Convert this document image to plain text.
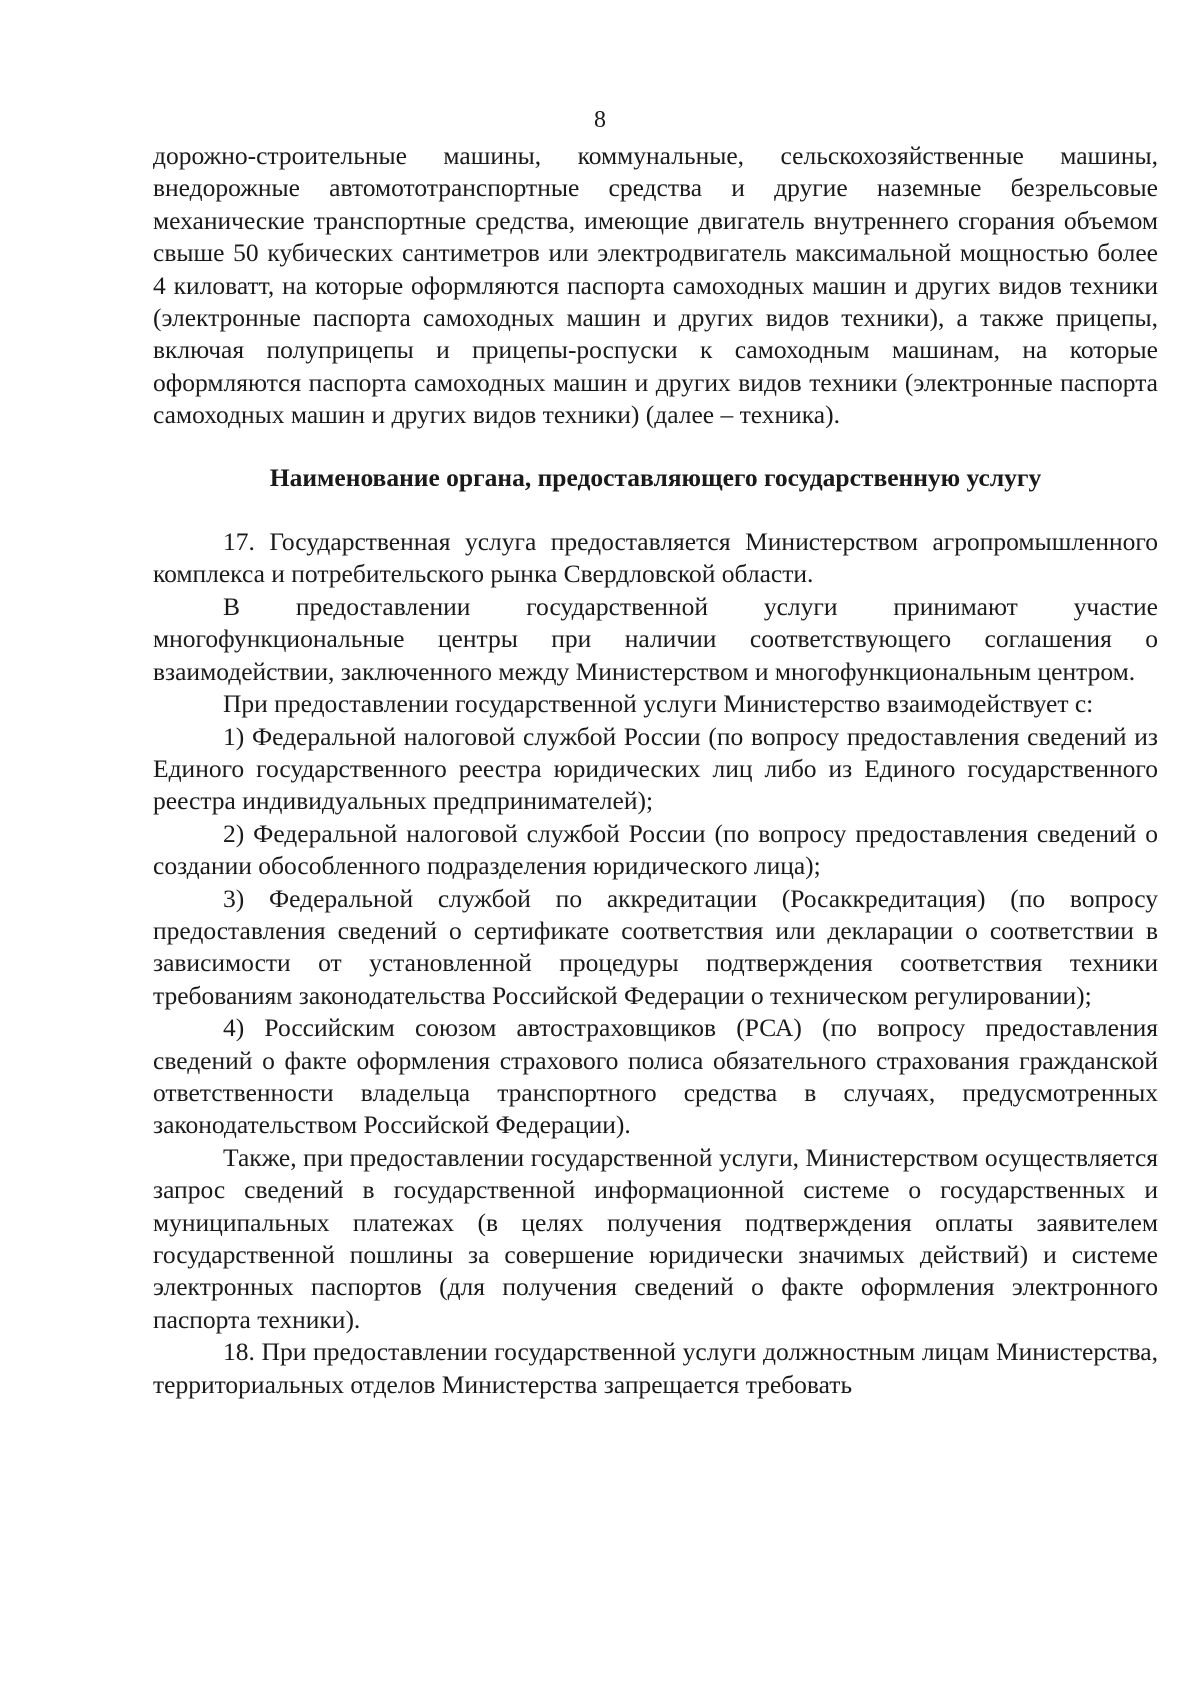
8

дорожно-строительные машины, коммунальные, сельскохозяйственные машины, внедорожные автомототранспортные средства и другие наземные безрельсовые механические транспортные средства, имеющие двигатель внутреннего сгорания объемом свыше 50 кубических сантиметров или электродвигатель максимальной мощностью более 4 киловатт, на которые оформляются паспорта самоходных машин и других видов техники (электронные паспорта самоходных машин и других видов техники), а также прицепы, включая полуприцепы и прицепы-роспуски к самоходным машинам, на которые оформляются паспорта самоходных машин и других видов техники (электронные паспорта самоходных машин и других видов техники) (далее – техника).

Наименование органа, предоставляющего государственную услугу

17. Государственная услуга предоставляется Министерством агропромышленного комплекса и потребительского рынка Свердловской области.

В предоставлении государственной услуги принимают участие многофункциональные центры при наличии соответствующего соглашения о взаимодействии, заключенного между Министерством и многофункциональным центром.

При предоставлении государственной услуги Министерство взаимодействует с:

1) Федеральной налоговой службой России (по вопросу предоставления сведений из Единого государственного реестра юридических лиц либо из Единого государственного реестра индивидуальных предпринимателей);

2) Федеральной налоговой службой России (по вопросу предоставления сведений о создании обособленного подразделения юридического лица);

3) Федеральной службой по аккредитации (Росаккредитация) (по вопросу предоставления сведений о сертификате соответствия или декларации о соответствии в зависимости от установленной процедуры подтверждения соответствия техники требованиям законодательства Российской Федерации о техническом регулировании);

4) Российским союзом автостраховщиков (РСА) (по вопросу предоставления сведений о факте оформления страхового полиса обязательного страхования гражданской ответственности владельца транспортного средства в случаях, предусмотренных законодательством Российской Федерации).

Также, при предоставлении государственной услуги, Министерством осуществляется запрос сведений в государственной информационной системе о государственных и муниципальных платежах (в целях получения подтверждения оплаты заявителем государственной пошлины за совершение юридически значимых действий) и системе электронных паспортов (для получения сведений о факте оформления электронного паспорта техники).

18. При предоставлении государственной услуги должностным лицам Министерства, территориальных отделов Министерства запрещается требовать
